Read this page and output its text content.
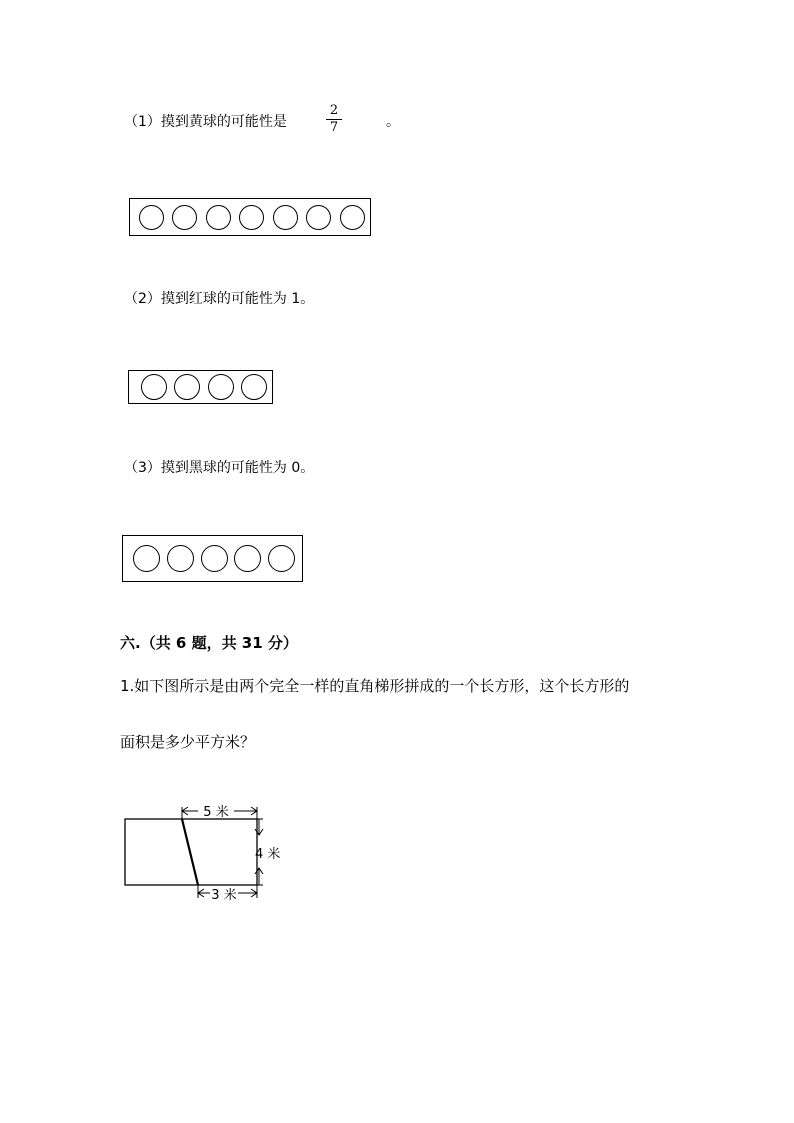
（1）摸到黄球的可能性是
2
7	。
（2）摸到红球的可能性为 1。
（3）摸到黑球的可能性为 0。
六.（共 6 题，共 31 分）
1.如下图所示是由两个完全一样的直角梯形拼成的一个长方形，这个长方形的
面积是多少平方米？
5 米
4 米
3 米
